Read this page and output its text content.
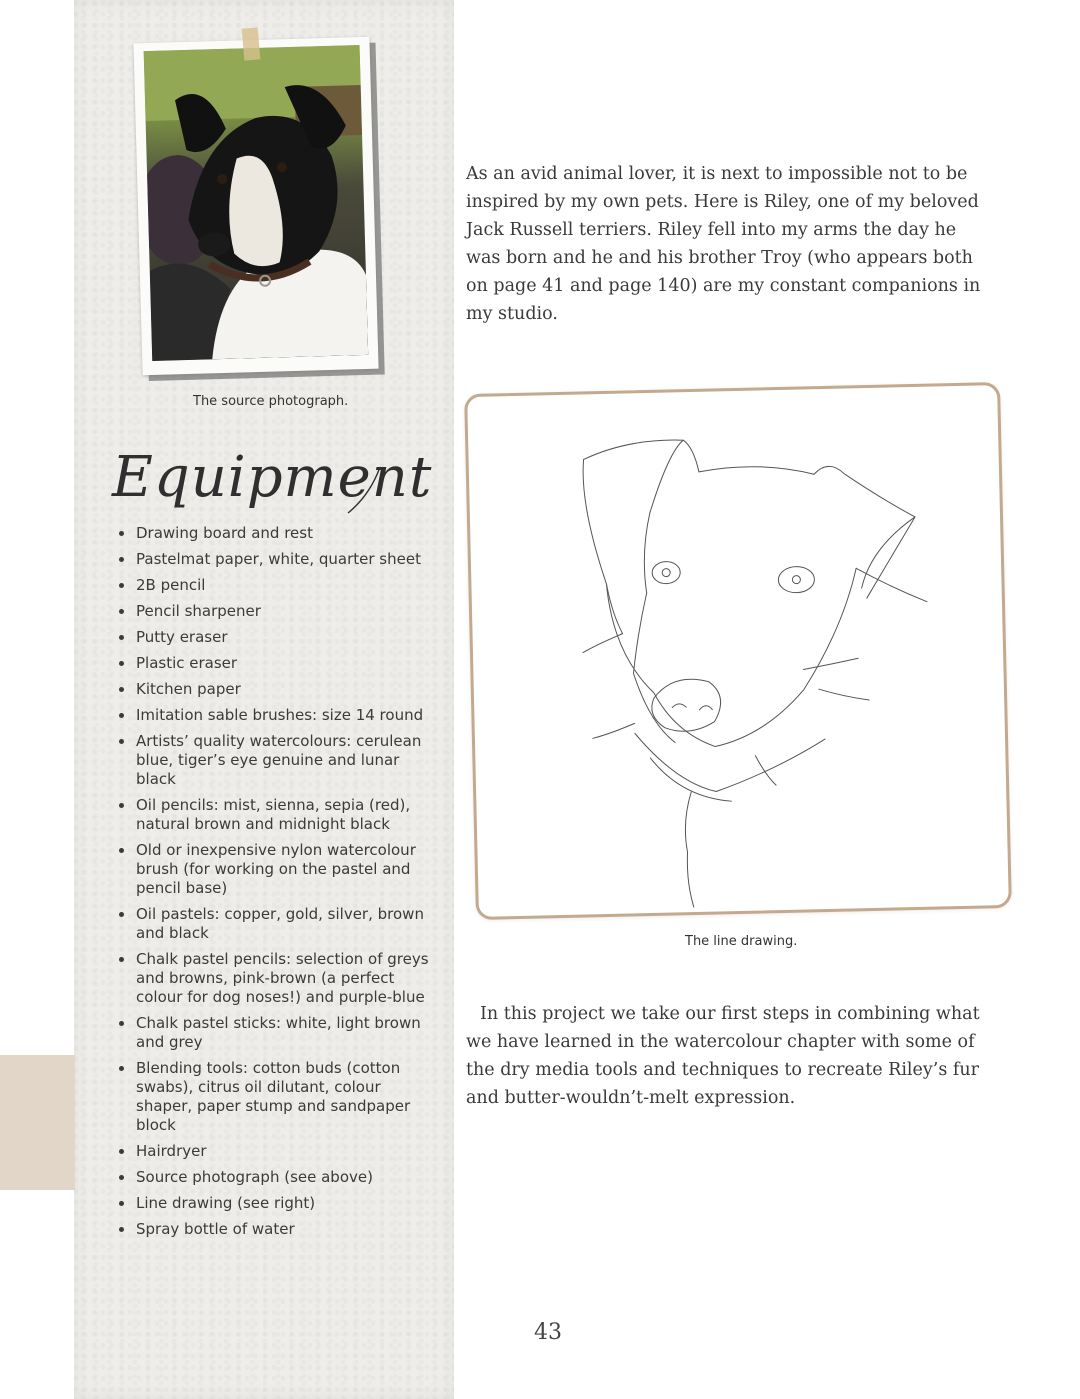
The source photograph.

As an avid animal lover, it is next to impossible not to be inspired by my own pets. Here is Riley, one of my beloved Jack Russell terriers. Riley fell into my arms the day he was born and he and his brother Troy (who appears both on page 41 and page 140) are my constant companions in my studio.

Equipment
Drawing board and rest
Pastelmat paper, white, quarter sheet
2B pencil
Pencil sharpener
Putty eraser
Plastic eraser
Kitchen paper
Imitation sable brushes: size 14 round
Artists’ quality watercolours: cerulean blue, tiger’s eye genuine and lunar black
Oil pencils: mist, sienna, sepia (red), natural brown and midnight black
Old or inexpensive nylon watercolour brush (for working on the pastel and pencil base)
Oil pastels: copper, gold, silver, brown and black
Chalk pastel pencils: selection of greys and browns, pink-brown (a perfect colour for dog noses!) and purple-blue
Chalk pastel sticks: white, light brown and grey
Blending tools: cotton buds (cotton swabs), citrus oil dilutant, colour shaper, paper stump and sandpaper block
Hairdryer
Source photograph (see above)
Line drawing (see right)
Spray bottle of water
The line drawing.

In this project we take our first steps in combining what we have learned in the watercolour chapter with some of the dry media tools and techniques to recreate Riley’s fur and butter-wouldn’t-melt expression.

43
